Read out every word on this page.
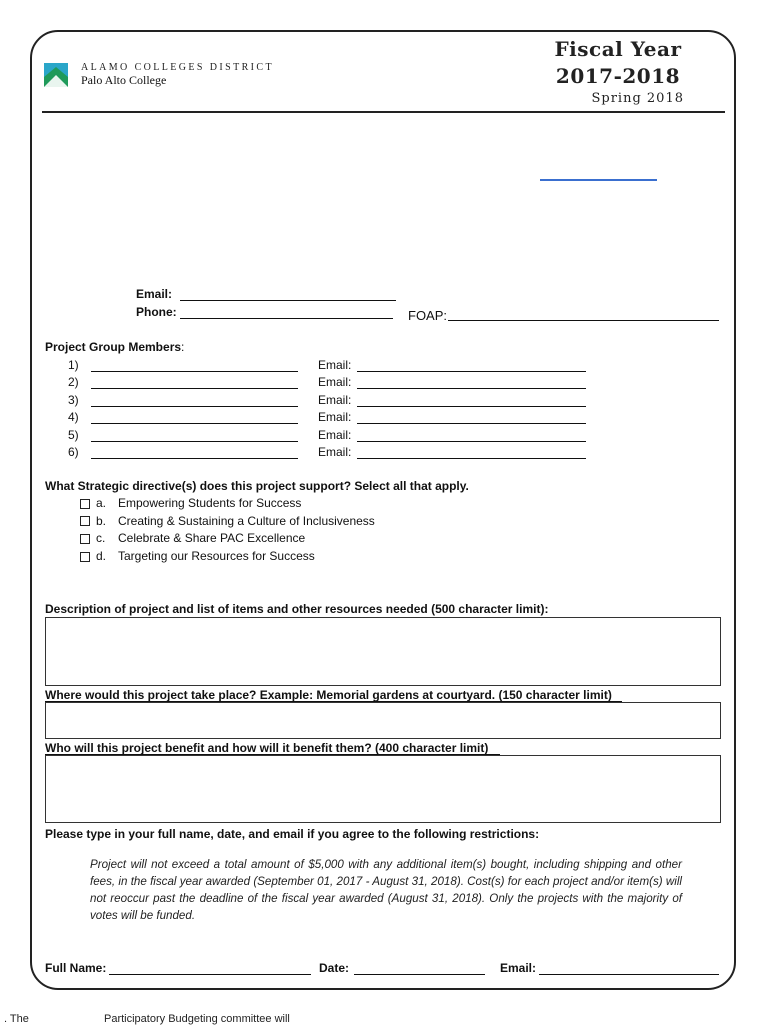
ALAMO COLLEGES DISTRICT
Palo Alto College
Fiscal Year
2017-2018
Spring 2018
Email:
Phone:	FOAP:
Project Group Members:
1)	Email:
2)	Email:
3)	Email:
4)	Email:
5)	Email:
6)	Email:
What Strategic directive(s) does this project support? Select all that apply.
a. Empowering Students for Success
b. Creating & Sustaining a Culture of Inclusiveness
c. Celebrate & Share PAC Excellence
d. Targeting our Resources for Success
Description of project and list of items and other resources needed (500 character limit):
Where would this project take place? Example: Memorial gardens at courtyard. (150 character limit)
Who will this project benefit and how will it benefit them? (400 character limit)
Please type in your full name, date, and email if you agree to the following restrictions:
Project will not exceed a total amount of $5,000 with any additional item(s) bought, including shipping and other fees, in the fiscal year awarded (September 01, 2017 - August 31, 2018). Cost(s) for each project and/or item(s) will not reoccur past the deadline of the fiscal year awarded (August 31, 2018). Only the projects with the majority of votes will be funded.
Full Name:	Date:	Email:
. The	Participatory Budgeting committee will
